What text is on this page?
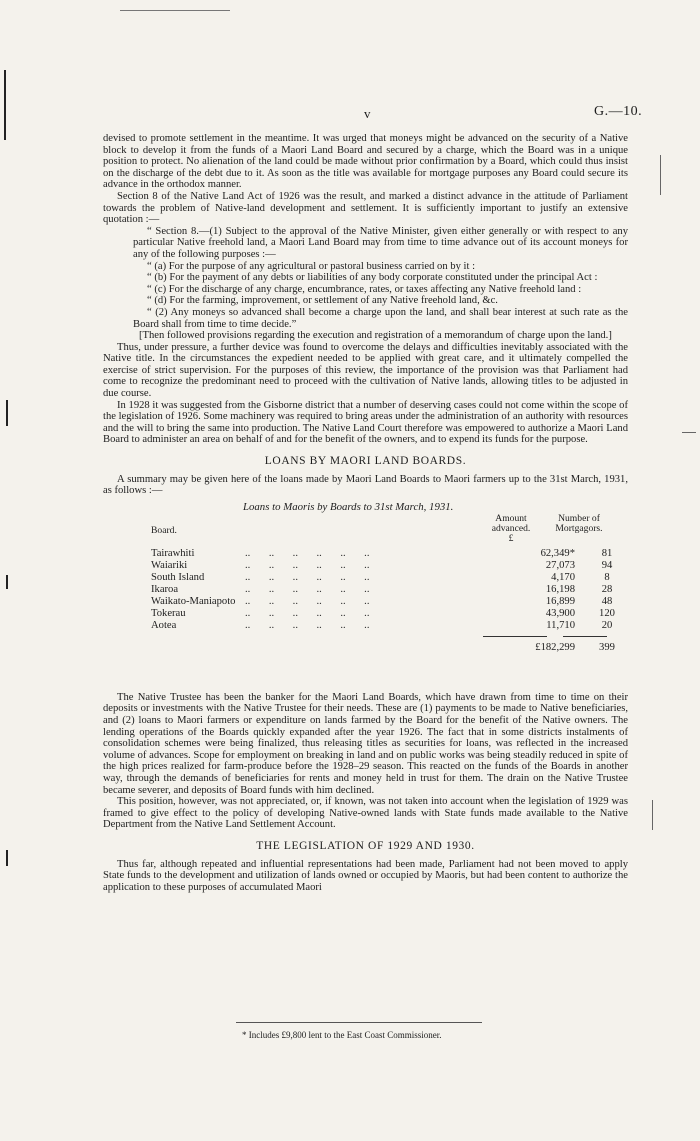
v	G.—10.

devised to promote settlement in the meantime. It was urged that moneys might be advanced on the security of a Native block to develop it from the funds of a Maori Land Board and secured by a charge, which the Board was in a unique position to protect. No alienation of the land could be made without prior confirmation by a Board, which could thus insist on the discharge of the debt due to it. As soon as the title was available for mortgage purposes any Board could secure its advance in the orthodox manner.

Section 8 of the Native Land Act of 1926 was the result, and marked a distinct advance in the attitude of Parliament towards the problem of Native-land development and settlement. It is sufficiently important to justify an extensive quotation :—

“ Section 8.—(1) Subject to the approval of the Native Minister, given either generally or with respect to any particular Native freehold land, a Maori Land Board may from time to time advance out of its account moneys for any of the following purposes :—

“ (a) For the purpose of any agricultural or pastoral business carried on by it :

“ (b) For the payment of any debts or liabilities of any body corporate constituted under the principal Act :

“ (c) For the discharge of any charge, encumbrance, rates, or taxes affecting any Native freehold land :

“ (d) For the farming, improvement, or settlement of any Native freehold land, &c.

“ (2) Any moneys so advanced shall become a charge upon the land, and shall bear interest at such rate as the Board shall from time to time decide.”

[Then followed provisions regarding the execution and registration of a memorandum of charge upon the land.]

Thus, under pressure, a further device was found to overcome the delays and difficulties inevitably associated with the Native title. In the circumstances the expedient needed to be applied with great care, and it ultimately compelled the exercise of strict supervision. For the purposes of this review, the importance of the provision was that Parliament had come to recognize the predominant need to proceed with the cultivation of Native lands, allowing titles to be adjusted in due course.

In 1928 it was suggested from the Gisborne district that a number of deserving cases could not come within the scope of the legislation of 1926. Some machinery was required to bring areas under the administration of an authority with resources and the will to bring the same into production. The Native Land Court therefore was empowered to authorize a Maori Land Board to administer an area on behalf of and for the benefit of the owners, and to expend its funds for the purpose.

LOANS BY MAORI LAND BOARDS.

A summary may be given here of the loans made by Maori Land Boards to Maori farmers up to the 31st March, 1931, as follows :—

Loans to Maoris by Boards to 31st March, 1931.
Board.
Amount advanced.
£
Number of Mortgagors.
Tairawhiti	..       ..       ..       ..       ..       ..	62,349*	81
Waiariki	..       ..       ..       ..       ..       ..	27,073	94
South Island	..       ..       ..       ..       ..       ..	4,170	8
Ikaroa	..       ..       ..       ..       ..       ..	16,198	28
Waikato-Maniapoto ..       ..       ..       ..       ..       ..	16,899	48
Tokerau	..       ..       ..       ..       ..       ..	43,900	120
Aotea	..       ..       ..       ..       ..       ..	11,710	20
£182,299	399

The Native Trustee has been the banker for the Maori Land Boards, which have drawn from time to time on their deposits or investments with the Native Trustee for their needs. These are (1) payments to be made to Native beneficiaries, and (2) loans to Maori farmers or expenditure on lands farmed by the Board for the benefit of the Native owners. The lending operations of the Boards quickly expanded after the year 1926. The fact that in some districts instalments of consolidation schemes were being finalized, thus releasing titles as securities for loans, was reflected in the increased volume of advances. Scope for employment on breaking in land and on public works was being steadily reduced in spite of the high prices realized for farm-produce before the 1928–29 season. This reacted on the funds of the Boards in another way, through the demands of beneficiaries for rents and money held in trust for them. The drain on the Native Trustee became severer, and deposits of Board funds with him declined.

This position, however, was not appreciated, or, if known, was not taken into account when the legislation of 1929 was framed to give effect to the policy of developing Native-owned lands with State funds made available to the Native Department from the Native Land Settlement Account.

THE LEGISLATION OF 1929 AND 1930.

Thus far, although repeated and influential representations had been made, Parliament had not been moved to apply State funds to the development and utilization of lands owned or occupied by Maoris, but had been content to authorize the application to these purposes of accumulated Maori

* Includes £9,800 lent to the East Coast Commissioner.
